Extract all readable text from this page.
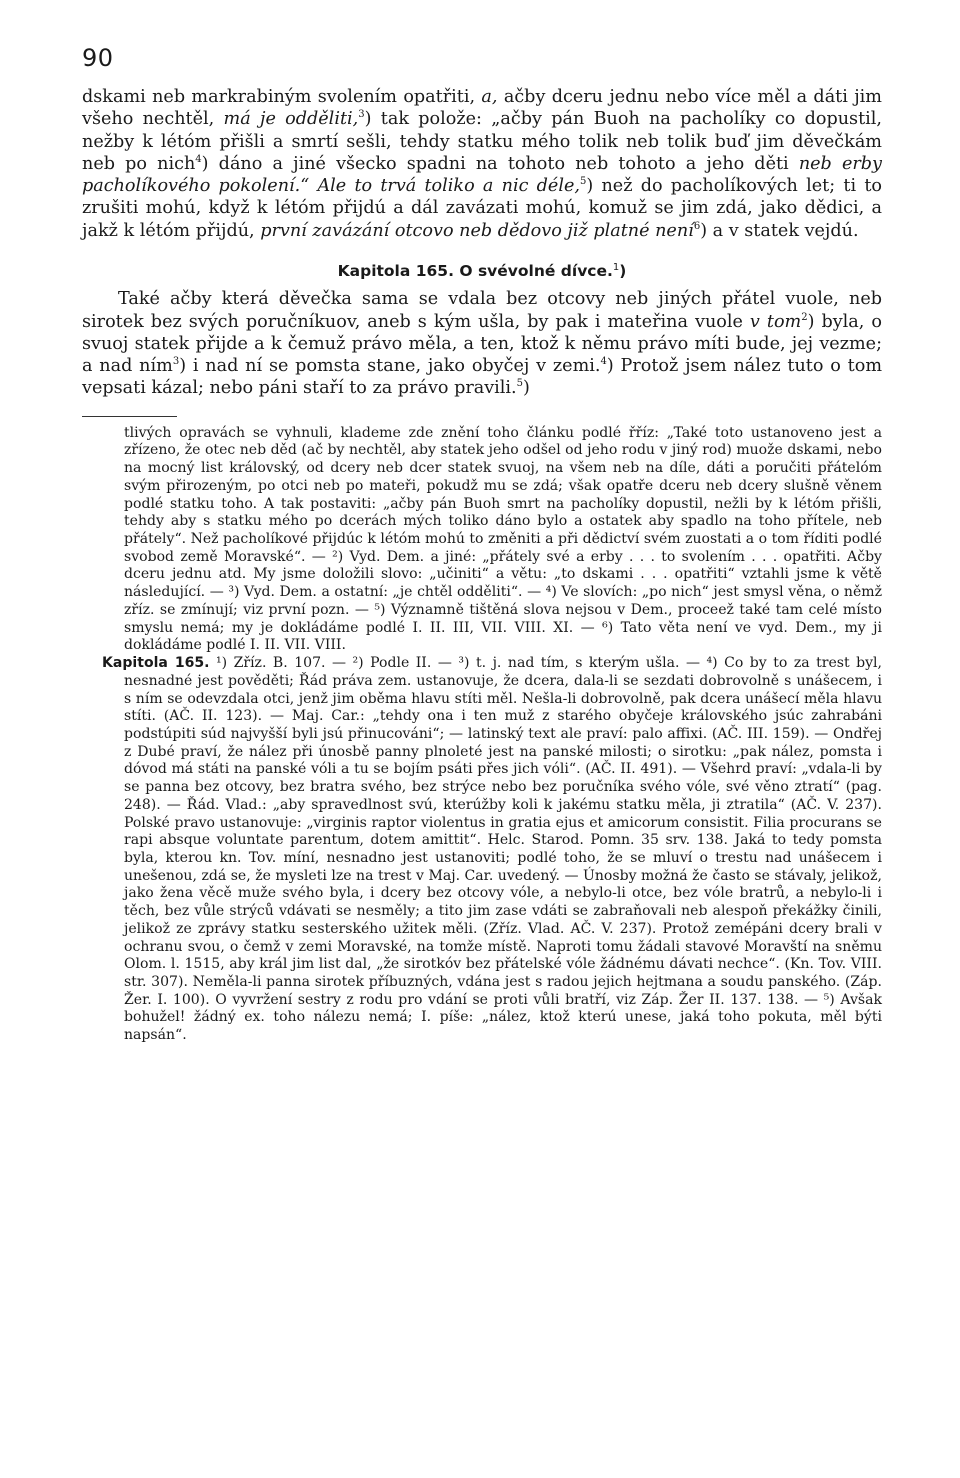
90

dskami neb markrabiným svolením opatřiti, a, ačby dceru jednu nebo více měl a dáti jim všeho nechtěl, má je odděliti,$^3$) tak polože: „ačby pán Buoh na pacholíky co dopustil, nežby k létóm přišli a smrtí sešli, tehdy statku mého tolik neb tolik buď jim děvečkám neb po nich$^4$) dáno a jiné všecko spadni na tohoto neb tohoto a jeho děti neb erby pacholíkového pokolení.“ Ale to trvá toliko a nic déle,$^5$) než do pacholíkových let; ti to zrušiti mohú, když k létóm přijdú a dál zavázati mohú, komuž se jim zdá, jako dědici, a jakž k létóm přijdú, první zavázání otcovo neb dědovo již platné není$^6$) a v statek vejdú.

Kapitola 165. O svévolné dívce.$^1$)

Také ačby která děvečka sama se vdala bez otcovy neb jiných přátel vuole, neb sirotek bez svých poručníkuov, aneb s kým ušla, by pak i mateřina vuole v tom$^2$) byla, o svuoj statek přijde a k čemuž právo měla, a ten, ktož k němu právo míti bude, jej vezme; a nad ním$^3$) i nad ní se pomsta stane, jako obyčej v zemi.$^4$) Protož jsem nález tuto o tom vepsati kázal; nebo páni staří to za právo pravili.$^5$)

tlivých opravách se vyhnuli, klademe zde znění toho článku podlé řříz: „Také toto ustanoveno jest a zřízeno, že otec neb děd (ač by nechtěl, aby statek jeho odšel od jeho rodu v jiný rod) muože dskami, nebo na mocný list královský, od dcery neb dcer statek svuoj, na všem neb na díle, dáti a poručiti přátelóm svým přirozeným, po otci neb po mateři, pokudž mu se zdá; však opatře dceru neb dcery slušně věnem podlé statku toho. A tak postaviti: „ačby pán Buoh smrt na pacholíky dopustil, nežli by k létóm přišli, tehdy aby s statku mého po dcerách mých toliko dáno bylo a ostatek aby spadlo na toho přítele, neb přátely“. Než pacholíkové přijdúc k létóm mohú to změniti a při dědictví svém zuostati a o tom říditi podlé svobod země Moravské“. — ²) Vyd. Dem. a jiné: „přátely své a erby . . . to svolením . . . opatřiti. Ačby dceru jednu atd. My jsme doložili slovo: „učiniti“ a větu: „to dskami . . . opatřiti“ vztahli jsme k větě následující. — ³) Vyd. Dem. a ostatní: „je chtěl odděliti“. — ⁴) Ve slovích: „po nich“ jest smysl věna, o němž zříz. se zmínují; viz první pozn. — ⁵) Významně tištěná slova nejsou v Dem., proceež také tam celé místo smyslu nemá; my je dokládáme podlé I. II. III, VII. VIII. XI. — ⁶) Tato věta není ve vyd. Dem., my ji dokládáme podlé I. II. VII. VIII.

Kapitola 165. ¹) Zříz. B. 107. — ²) Podle II. — ³) t. j. nad tím, s kterým ušla. — ⁴) Co by to za trest byl, nesnadné jest pověděti; Řád práva zem. ustanovuje, že dcera, dala-li se sezdati dobrovolně s unášecem, i s ním se odevzdala otci, jenž jim oběma hlavu stíti měl. Nešla-li dobrovolně, pak dcera unášecí měla hlavu stíti. (AČ. II. 123). — Maj. Car.: „tehdy ona i ten muž z starého obyčeje královského jsúc zahrabáni podstúpiti súd najvyšší byli jsú přinucováni“; — latinský text ale praví: palo affixi. (AČ. III. 159). — Ondřej z Dubé praví, že nález při únosbě panny plnoleté jest na panské milosti; o sirotku: „pak nález, pomsta i dóvod má státi na panské vóli a tu se bojím psáti přes jich vóli“. (AČ. II. 491). — Všehrd praví: „vdala-li by se panna bez otcovy, bez bratra svého, bez strýce nebo bez poručníka svého vóle, své věno ztratí“ (pag. 248). — Řád. Vlad.: „aby spravedlnost svú, kterúžby koli k jakému statku měla, ji ztratila“ (AČ. V. 237). Polské pravo ustanovuje: „virginis raptor violentus in gratia ejus et amicorum consistit. Filia procurans se rapi absque voluntate parentum, dotem amittit“. Helc. Starod. Pomn. 35 srv. 138. Jaká to tedy pomsta byla, kterou kn. Tov. míní, nesnadno jest ustanoviti; podlé toho, že se mluví o trestu nad unášecem i unešenou, zdá se, že mysleti lze na trest v Maj. Car. uvedený. — Únosby možná že často se stávaly, jelikož, jako žena věcě muže svého byla, i dcery bez otcovy vóle, a nebylo-li otce, bez vóle bratrů, a nebylo-li i těch, bez vůle strýců vdávati se nesměly; a tito jim zase vdáti se zabraňovali neb alespoň překážky činili, jelikož ze zprávy statku sesterského užitek měli. (Zříz. Vlad. AČ. V. 237). Protož zemépáni dcery brali v ochranu svou, o čemž v zemi Moravské, na tomže místě. Naproti tomu žádali stavové Moravští na sněmu Olom. l. 1515, aby král jim list dal, „že sirotkóv bez přátelské vóle žádnému dávati nechce“. (Kn. Tov. VIII. str. 307). Neměla-li panna sirotek příbuzných, vdána jest s radou jejich hejtmana a soudu panského. (Záp. Žer. I. 100). O vyvržení sestry z rodu pro vdání se proti vůli bratří, viz Záp. Žer II. 137. 138. — ⁵) Avšak bohužel! žádný ex. toho nálezu nemá; I. píše: „nález, ktož kterú unese, jaká toho pokuta, měl býti napsán“.
